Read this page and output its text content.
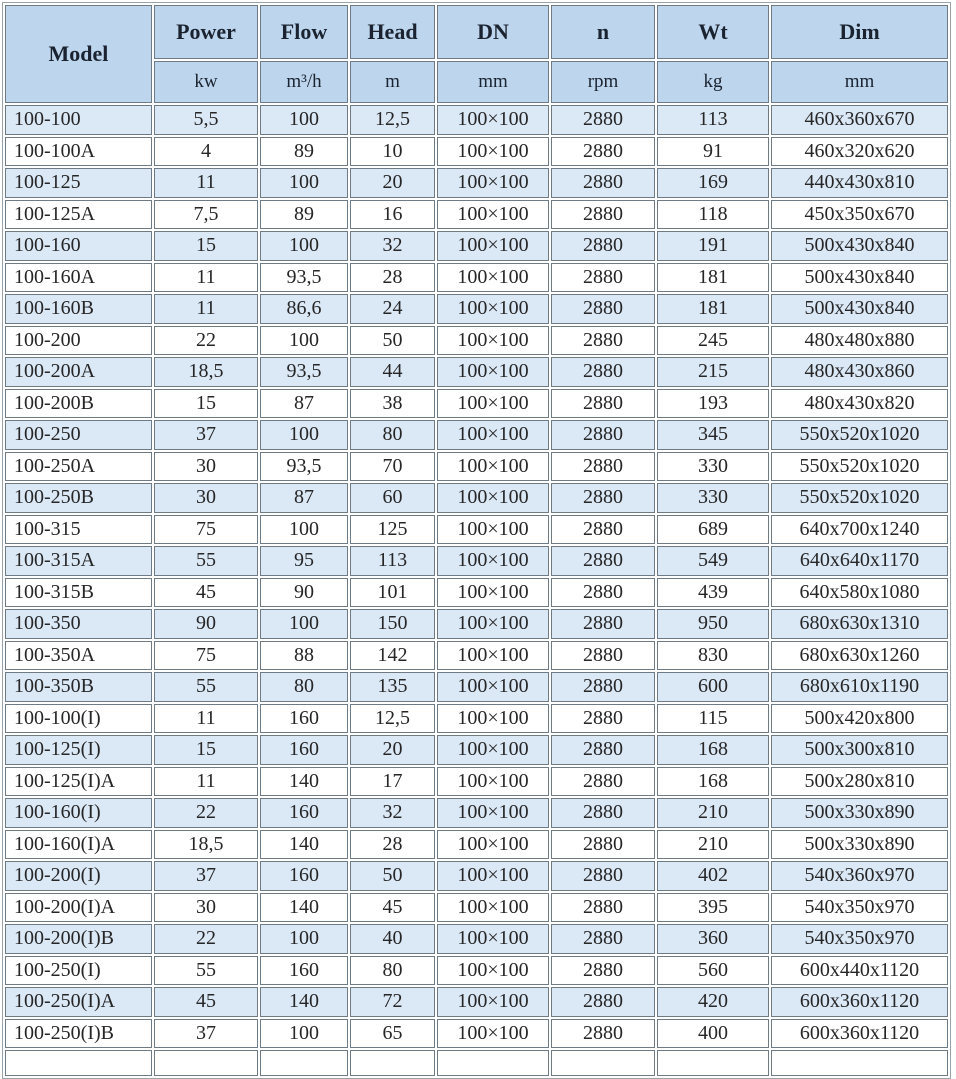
Model	Power	Flow	Head	DN	n	Wt	Dim
	kw	m³/h	m	mm	rpm	kg	mm
100-100	5,5	100	12,5	100×100	2880	113	460x360x670
100-100A	4	89	10	100×100	2880	91	460x320x620
100-125	11	100	20	100×100	2880	169	440x430x810
100-125A	7,5	89	16	100×100	2880	118	450x350x670
100-160	15	100	32	100×100	2880	191	500x430x840
100-160A	11	93,5	28	100×100	2880	181	500x430x840
100-160B	11	86,6	24	100×100	2880	181	500x430x840
100-200	22	100	50	100×100	2880	245	480x480x880
100-200A	18,5	93,5	44	100×100	2880	215	480x430x860
100-200B	15	87	38	100×100	2880	193	480x430x820
100-250	37	100	80	100×100	2880	345	550x520x1020
100-250A	30	93,5	70	100×100	2880	330	550x520x1020
100-250B	30	87	60	100×100	2880	330	550x520x1020
100-315	75	100	125	100×100	2880	689	640x700x1240
100-315A	55	95	113	100×100	2880	549	640x640x1170
100-315B	45	90	101	100×100	2880	439	640x580x1080
100-350	90	100	150	100×100	2880	950	680x630x1310
100-350A	75	88	142	100×100	2880	830	680x630x1260
100-350B	55	80	135	100×100	2880	600	680x610x1190
100-100(I)	11	160	12,5	100×100	2880	115	500x420x800
100-125(I)	15	160	20	100×100	2880	168	500x300x810
100-125(I)A	11	140	17	100×100	2880	168	500x280x810
100-160(I)	22	160	32	100×100	2880	210	500x330x890
100-160(I)A	18,5	140	28	100×100	2880	210	500x330x890
100-200(I)	37	160	50	100×100	2880	402	540x360x970
100-200(I)A	30	140	45	100×100	2880	395	540x350x970
100-200(I)B	22	100	40	100×100	2880	360	540x350x970
100-250(I)	55	160	80	100×100	2880	560	600x440x1120
100-250(I)A	45	140	72	100×100	2880	420	600x360x1120
100-250(I)B	37	100	65	100×100	2880	400	600x360x1120
